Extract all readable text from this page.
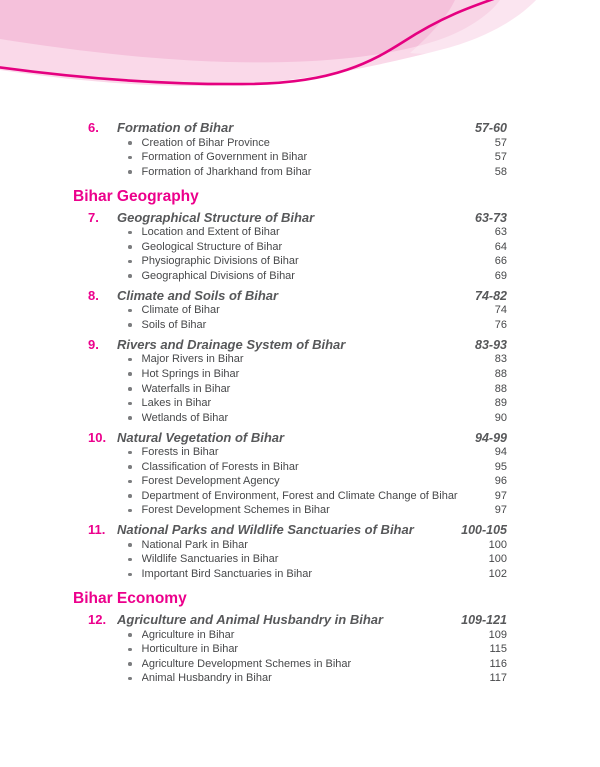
6.	Formation of Bihar	57-60
Creation of Bihar Province	57
Formation of Government in Bihar	57
Formation of Jharkhand from Bihar	58
Bihar Geography
7.	Geographical Structure of Bihar	63-73
Location and Extent of Bihar	63
Geological Structure of Bihar	64
Physiographic Divisions of Bihar	66
Geographical Divisions of Bihar	69
8.	Climate and Soils of Bihar	74-82
Climate of Bihar	74
Soils of Bihar	76
9.	Rivers and Drainage System of Bihar	83-93
Major Rivers in Bihar	83
Hot Springs in Bihar	88
Waterfalls in Bihar	88
Lakes in Bihar	89
Wetlands of Bihar	90
10. Natural Vegetation of Bihar	94-99
Forests in Bihar	94
Classification of Forests in Bihar	95
Forest Development Agency	96
Department of Environment, Forest and Climate Change of Bihar	97
Forest Development Schemes in Bihar	97
11. National Parks and Wildlife Sanctuaries of Bihar	100-105
National Park in Bihar	100
Wildlife Sanctuaries in Bihar	100
Important Bird Sanctuaries in Bihar	102
Bihar Economy
12. Agriculture and Animal Husbandry in Bihar	109-121
Agriculture in Bihar	109
Horticulture in Bihar	115
Agriculture Development Schemes in Bihar	116
Animal Husbandry in Bihar	117
